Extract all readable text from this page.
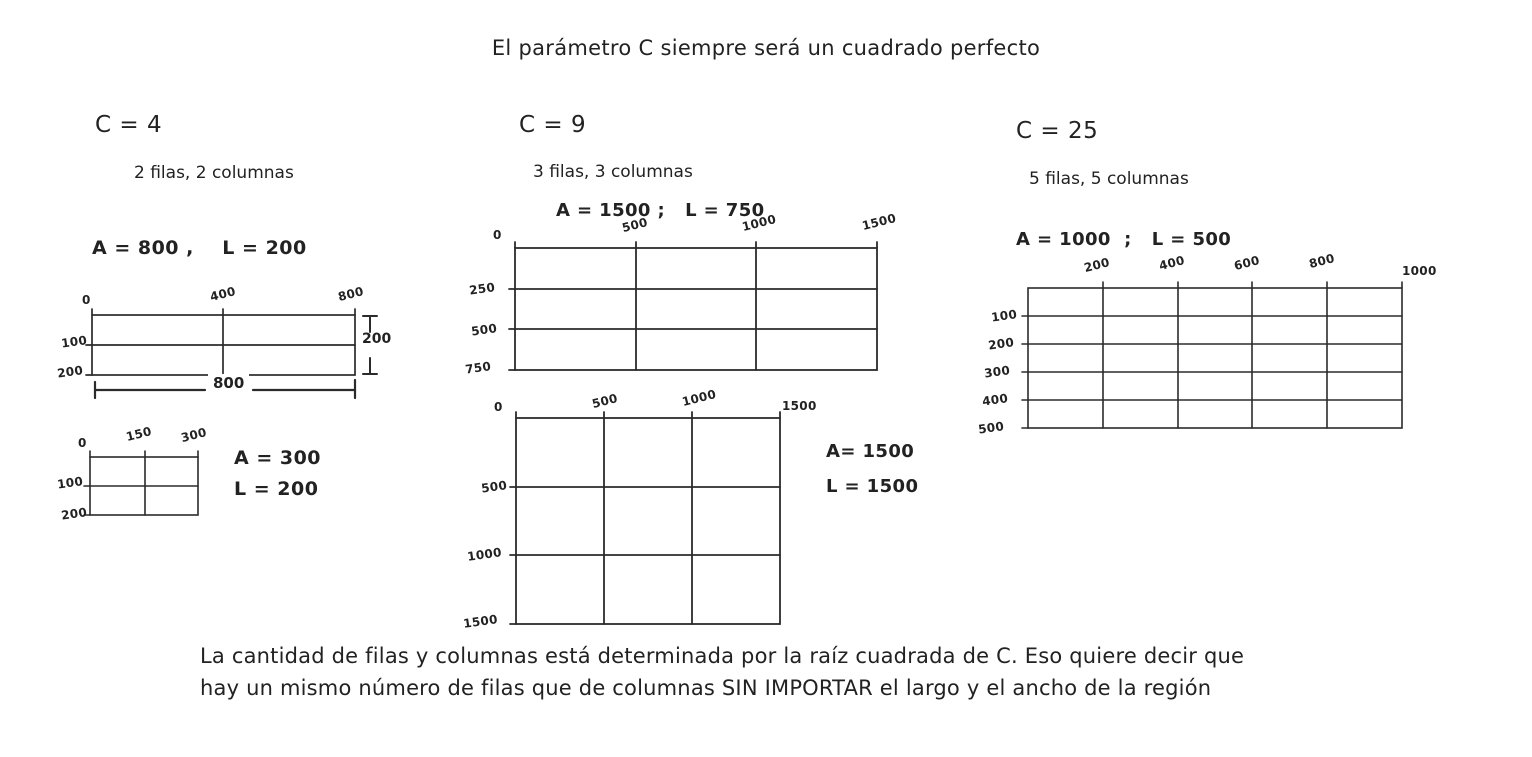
El parámetro C siempre será un cuadrado perfecto
C = 4
2 filas, 2 columnas
A = 800 ,    L = 200
0	400	800
100
200
200
800
0	150 300
100
200
A = 300
L = 200
C = 9
3 filas, 3 columnas
A = 1500 ;   L = 750
0	500	1000	1500
250
500
750
0	500	1000	1500
500
1000
1500
A= 1500
L = 1500
C = 25
5 filas, 5 columnas
A = 1000  ;   L = 500
200	400	600	800	1000
100
200
300
400
500
La cantidad de filas y columnas está determinada por la raíz cuadrada de C. Eso quiere decir que
hay un mismo número de filas que de columnas SIN IMPORTAR el largo y el ancho de la región
